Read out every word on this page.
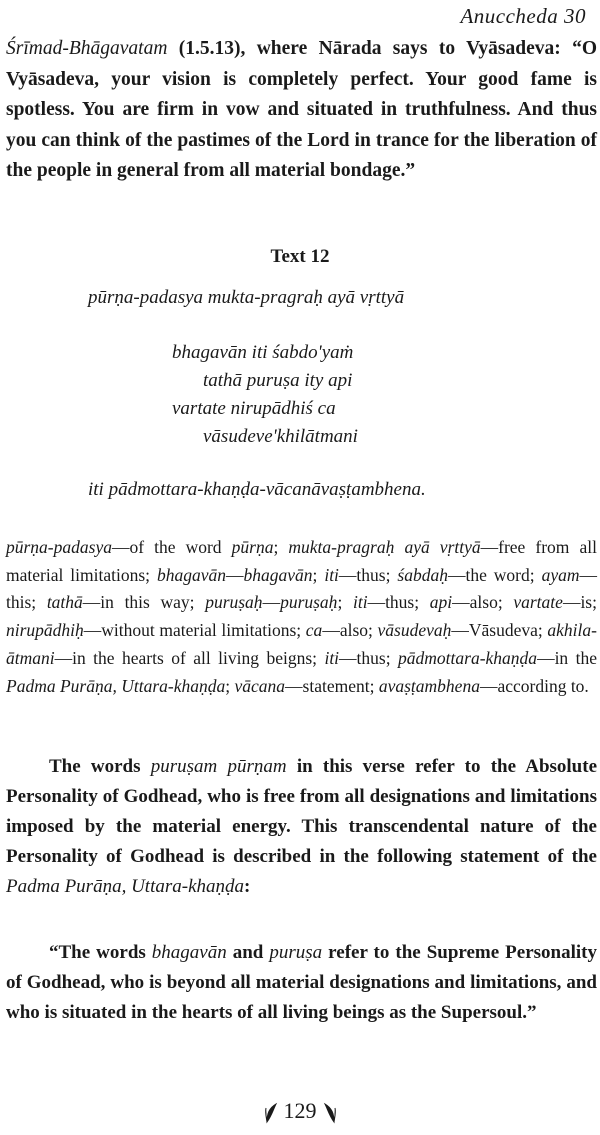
Anuccheda 30
Śrīmad-Bhāgavatam (1.5.13), where Nārada says to Vyāsadeva: “O Vyāsadeva, your vision is completely perfect. Your good fame is spotless. You are firm in vow and situated in truthfulness. And thus you can think of the pastimes of the Lord in trance for the liberation of the people in general from all material bondage.”
Text 12
pūrṇa-padasya mukta-pragraḥ ayā vṛttyā
bhagavān iti śabdo'yaṁ
tathā puruṣa ity api
vartate nirupādhiś ca
vāsudeve'khilātmani
iti pādmottara-khaṇḍa-vācanāvaṣṭambhena.
pūrṇa-padasya—of the word pūrṇa; mukta-pragraḥ ayā vṛttyā—free from all material limitations; bhagavān—bhagavān; iti—thus; śabdaḥ—the word; ayam—this; tathā—in this way; puruṣaḥ—puruṣaḥ; iti—thus; api—also; vartate—is; nirupādhiḥ—without material limitations; ca—also; vāsudevaḥ—Vāsudeva; akhila-ātmani—in the hearts of all living beigns; iti—thus; pādmottara-khaṇḍa—in the Padma Purāṇa, Uttara-khaṇḍa; vācana—statement; avaṣṭambhena—according to.
The words puruṣam pūrṇam in this verse refer to the Absolute Personality of Godhead, who is free from all designations and limitations imposed by the material energy. This transcendental nature of the Personality of Godhead is described in the following statement of the Padma Purāṇa, Uttara-khaṇḍa:
“The words bhagavān and puruṣa refer to the Supreme Personality of Godhead, who is beyond all material designations and limitations, and who is situated in the hearts of all living beings as the Supersoul.”
129
